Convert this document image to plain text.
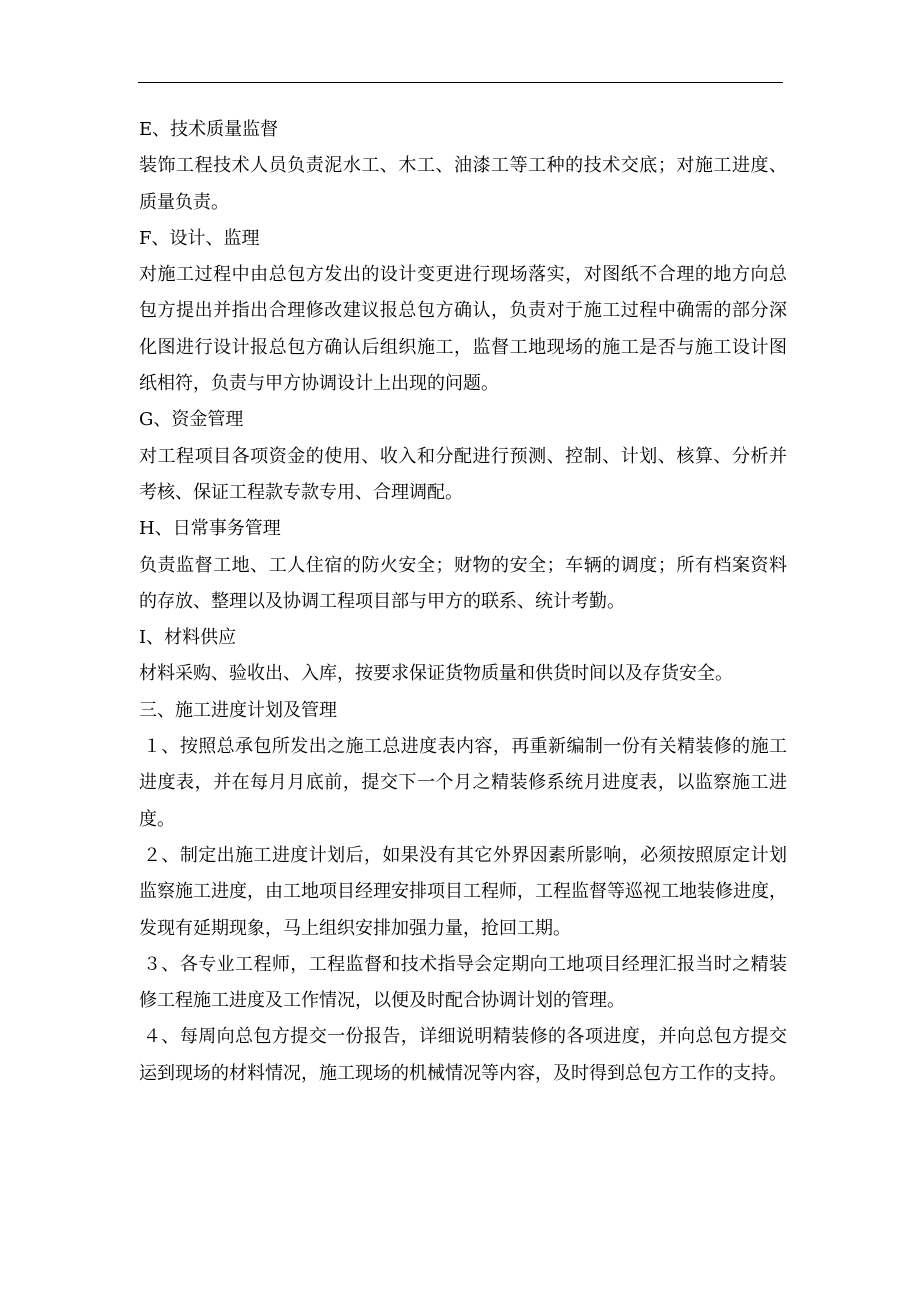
E、技术质量监督
装饰工程技术人员负责泥水工、木工、油漆工等工种的技术交底；对施工进度、
质量负责。
F、设计、监理
对施工过程中由总包方发出的设计变更进行现场落实，对图纸不合理的地方向总
包方提出并指出合理修改建议报总包方确认，负责对于施工过程中确需的部分深
化图进行设计报总包方确认后组织施工，监督工地现场的施工是否与施工设计图
纸相符，负责与甲方协调设计上出现的问题。
G、资金管理
对工程项目各项资金的使用、收入和分配进行预测、控制、计划、核算、分析并
考核、保证工程款专款专用、合理调配。
H、日常事务管理
负责监督工地、工人住宿的防火安全；财物的安全；车辆的调度；所有档案资料
的存放、整理以及协调工程项目部与甲方的联系、统计考勤。
I、材料供应
材料采购、验收出、入库，按要求保证货物质量和供货时间以及存货安全。
三、施工进度计划及管理
１、按照总承包所发出之施工总进度表内容，再重新编制一份有关精装修的施工
进度表，并在每月月底前，提交下一个月之精装修系统月进度表，以监察施工进
度。
２、制定出施工进度计划后，如果没有其它外界因素所影响，必须按照原定计划
监察施工进度，由工地项目经理安排项目工程师，工程监督等巡视工地装修进度，
发现有延期现象，马上组织安排加强力量，抢回工期。
３、各专业工程师，工程监督和技术指导会定期向工地项目经理汇报当时之精装
修工程施工进度及工作情况，以便及时配合协调计划的管理。
４、每周向总包方提交一份报告，详细说明精装修的各项进度，并向总包方提交
运到现场的材料情况，施工现场的机械情况等内容，及时得到总包方工作的支持。
